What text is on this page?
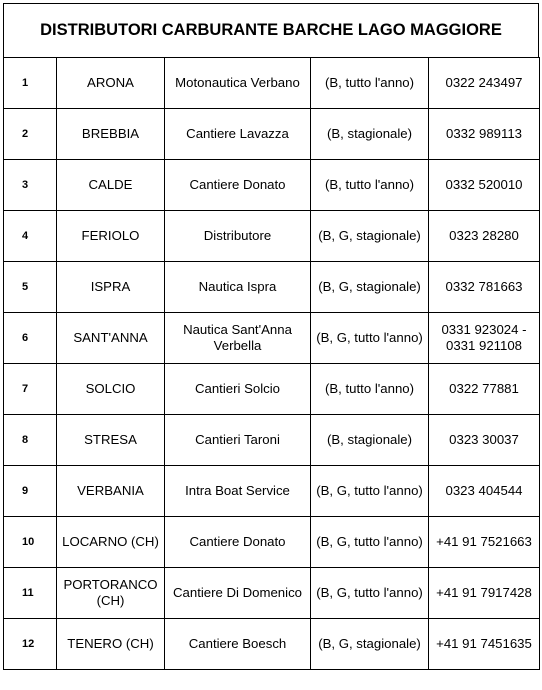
DISTRIBUTORI CARBURANTE BARCHE LAGO MAGGIORE
1	ARONA	Motonautica Verbano	(B, tutto l'anno)	0322 243497
2	BREBBIA	Cantiere Lavazza	(B, stagionale)	0332 989113
3	CALDE	Cantiere Donato	(B, tutto l'anno)	0332 520010
4	FERIOLO	Distributore	(B, G, stagionale)	0323 28280
5	ISPRA	Nautica Ispra	(B, G, stagionale)	0332 781663
6	SANT'ANNA	Nautica Sant'Anna Verbella	(B, G, tutto l'anno)	0331 923024 - 0331 921108
7	SOLCIO	Cantieri Solcio	(B, tutto l'anno)	0322 77881
8	STRESA	Cantieri Taroni	(B, stagionale)	0323 30037
9	VERBANIA	Intra Boat Service	(B, G, tutto l'anno)	0323 404544
10	LOCARNO (CH)	Cantiere Donato	(B, G, tutto l'anno)	+41 91 7521663
11	PORTORANCO (CH)	Cantiere Di Domenico	(B, G, tutto l'anno)	+41 91 7917428
12	TENERO (CH)	Cantiere Boesch	(B, G, stagionale)	+41 91 7451635
